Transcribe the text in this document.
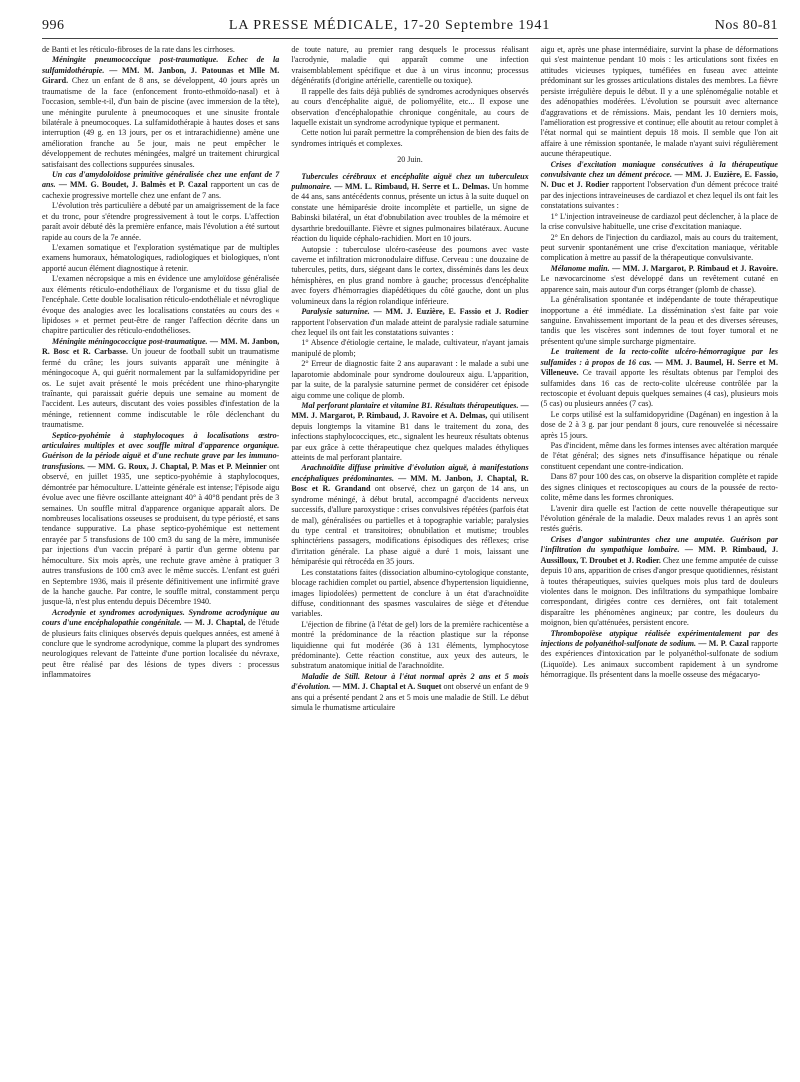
996	LA PRESSE MÉDICALE, 17-20 Septembre 1941	Nos 80-81

de Banti et les réticulo-fibroses de la rate dans les cirrhoses.

Méningite pneumococcique post-traumatique. Echec de la sulfamidothérapie. — MM. M. Janbon, J. Patounas et Mlle M. Girard. Chez un enfant de 8 ans, se développent, 40 jours après un traumatisme de la face (enfoncement fronto-ethmoïdo-nasal) et à l'occasion, semble-t-il, d'un bain de piscine (avec immersion de la tête), une méningite purulente à pneumocoques et une sinusite frontale bilatérale à pneumocoques. La sulfamidothérapie à hautes doses et sans interruption (49 g. en 13 jours, per os et intrarachidienne) amène une amélioration franche au 5e jour, mais ne peut empêcher le développement de rechutes méningées, malgré un traitement chirurgical satisfaisant des collections suppurées sinusales.

Un cas d'amydoloïdose primitive généralisée chez une enfant de 7 ans. — MM. G. Boudet, J. Balmès et P. Cazal rapportent un cas de cachexie progressive mortelle chez une enfant de 7 ans.

L'évolution très particulière a débuté par un amaigrissement de la face et du tronc, pour s'étendre progressivement à tout le corps. L'affection paraît avoir débuté dès la première enfance, mais l'évolution a été surtout rapide au cours de la 7e année.

L'examen somatique et l'exploration systématique par de multiples examens humoraux, hématologiques, radiologiques et biologiques, n'ont apporté aucun élément diagnostique à retenir.

L'examen nécropsique a mis en évidence une amyloïdose généralisée aux éléments réticulo-endothéliaux de l'organisme et du tissu glial de l'encéphale. Cette double localisation réticulo-endothéliale et névroglique évoque des analogies avec les localisations constatées au cours des « lipidoses » et permet peut-être de ranger l'affection décrite dans un chapitre particulier des réticulo-endothélioses.

Méningite méningococcique post-traumatique. — MM. M. Janbon, R. Bosc et R. Carbasse. Un joueur de football subit un traumatisme fermé du crâne; les jours suivants apparaît une méningite à méningocoque A, qui guérit normalement par la sulfamidopyridine per os. Le sujet avait présenté le mois précédent une rhino-pharyngite traînante, qui paraissait guérie depuis une semaine au moment de l'accident. Les auteurs, discutant des voies possibles d'infestation de la méninge, retiennent comme indiscutable le rôle déclenchant du traumatisme.

Septico-pyohémie à staphylocoques à localisations œstro-articulaires multiples et avec souffle mitral d'apparence organique. Guérison de la période aiguë et d'une rechute grave par les immuno-transfusions. — MM. G. Roux, J. Chaptal, P. Mas et P. Meinnier ont observé, en juillet 1935, une septico-pyohémie à staphylocoques, démontrée par hémoculture. L'atteinte générale est intense; l'épisode aigu évolue avec une fièvre oscillante atteignant 40° à 40°8 pendant près de 3 semaines. Un souffle mitral d'apparence organique apparaît alors. De nombreuses localisations osseuses se produisent, du type périosté, et sans tendance suppurative. La phase septico-pyohémique est nettement enrayée par 5 transfusions de 100 cm3 du sang de la mère, immunisée par injections d'un vaccin préparé à partir d'un germe obtenu par hémoculture. Six mois après, une rechute grave amène à pratiquer 3 autres transfusions de 100 cm3 avec le même succès. L'enfant est guéri en Septembre 1936, mais il présente définitivement une infirmité grave de la hanche gauche. Par contre, le souffle mitral, constamment perçu jusque-là, n'est plus entendu depuis Décembre 1940.

Acrodynie et syndromes acrodyniques. Syndrome acrodynique au cours d'une encéphalopathie congénitale. — M. J. Chaptal, de l'étude de plusieurs faits cliniques observés depuis quelques années, est amené à conclure que le syndrome acrodynique, comme la plupart des syndromes neurologiques relevant de l'atteinte d'une portion localisée du névraxe, peut être réalisé par des lésions de types divers : processus inflammatoires

de toute nature, au premier rang desquels le processus réalisant l'acrodynie, maladie qui apparaît comme une infection vraisemblablement spécifique et due à un virus inconnu; processus dégénératifs (d'origine artérielle, carentielle ou toxique).

Il rappelle des faits déjà publiés de syndromes acrodyniques observés au cours d'encéphalite aiguë, de poliomyélite, etc... Il expose une observation d'encéphalopathie chronique congénitale, au cours de laquelle existait un syndrome acrodynique typique et permanent.

Cette notion lui paraît permettre la compréhension de bien des faits de syndromes intriqués et complexes.

20 Juin.

Tubercules cérébraux et encéphalite aiguë chez un tuberculeux pulmonaire. — MM. L. Rimbaud, H. Serre et L. Delmas. Un homme de 44 ans, sans antécédents connus, présente un ictus à la suite duquel on constate une hémiparésie droite incomplète et partielle, un signe de Babinski bilatéral, un état d'obnubilation avec troubles de la mémoire et dysarthrie bredouillante. Fièvre et signes pulmonaires bilatéraux. Aucune réaction du liquide céphalo-rachidien. Mort en 10 jours.

Autopsie : tuberculose ulcéro-caséeuse des poumons avec vaste caverne et infiltration micronodulaire diffuse. Cerveau : une douzaine de tubercules, petits, durs, siégeant dans le cortex, disséminés dans les deux hémisphères, en plus grand nombre à gauche; processus d'encéphalite avec foyers d'hémorragies diapédétiques du côté gauche, dont un plus volumineux dans la région rolandique inférieure.

Paralysie saturnine. — MM. J. Euzière, E. Fassio et J. Rodier rapportent l'observation d'un malade atteint de paralysie radiale saturnine chez lequel ils ont fait les constatations suivantes :

1° Absence d'étiologie certaine, le malade, cultivateur, n'ayant jamais manipulé de plomb;

2° Erreur de diagnostic faite 2 ans auparavant : le malade a subi une laparotomie abdominale pour syndrome douloureux aigu. L'apparition, par la suite, de la paralysie saturnine permet de considérer cet épisode aigu comme une colique de plomb.

Mal perforant plantaire et vitamine B1. Résultats thérapeutiques. — MM. J. Margarot, P. Rimbaud, J. Ravoire et A. Delmas, qui utilisent depuis longtemps la vitamine B1 dans le traitement du zona, des infections staphylococciques, etc., signalent les heureux résultats obtenus par eux grâce à cette thérapeutique chez quelques malades éthyliques atteints de mal perforant plantaire.

Arachnoïdite diffuse primitive d'évolution aiguë, à manifestations encéphaliques prédominantes. — MM. M. Janbon, J. Chaptal, R. Bosc et R. Grandand ont observé, chez un garçon de 14 ans, un syndrome méningé, à début brutal, accompagné d'accidents nerveux successifs, d'allure paroxystique : crises convulsives répétées (parfois état de mal), généralisées ou partielles et à topographie variable; paralysies du type central et transitoires; obnubilation et mutisme; troubles sphinctériens passagers, modifications épisodiques des réflexes; crise d'irritation générale. La phase aiguë a duré 1 mois, laissant une hémiparésie qui rétrocéda en 35 jours.

Les constatations faites (dissociation albumino-cytologique constante, blocage rachidien complet ou partiel, absence d'hypertension liquidienne, images lipiodolées) permettent de conclure à un état d'arachnoïdite diffuse, conditionnant des spasmes vasculaires de siège et d'étendue variables.

L'éjection de fibrine (à l'état de gel) lors de la première rachicentèse a montré la prédominance de la réaction plastique sur la réponse liquidienne qui fut modérée (36 à 131 éléments, lymphocytose prédominante). Cette réaction constitue, aux yeux des auteurs, le substratum anatomique initial de l'arachnoïdite.

Maladie de Still. Retour à l'état normal après 2 ans et 5 mois d'évolution. — MM. J. Chaptal et A. Suquet ont observé un enfant de 9 ans qui a présenté pendant 2 ans et 5 mois une maladie de Still. Le début simula le rhumatisme articulaire

aigu et, après une phase intermédiaire, survint la phase de déformations qui s'est maintenue pendant 10 mois : les articulations sont fixées en attitudes vicieuses typiques, tuméfiées en fuseau avec atteinte prédominant sur les grosses articulations distales des membres. La fièvre persiste irrégulière depuis le début. Il y a une splénomégalie notable et des adénopathies modérées. L'évolution se poursuit avec alternance d'aggravations et de rémissions. Mais, pendant les 10 derniers mois, l'amélioration est progressive et continue; elle aboutit au retour complet à l'état normal qui se maintient depuis 18 mois. Il semble que l'on ait affaire à une rémission spontanée, le malade n'ayant suivi régulièrement aucune thérapeutique.

Crises d'excitation maniaque consécutives à la thérapeutique convulsivante chez un dément précoce. — MM. J. Euzière, E. Fassio, N. Duc et J. Rodier rapportent l'observation d'un dément précoce traité par des injections intraveineuses de cardiazol et chez lequel ils ont fait les constatations suivantes :

1° L'injection intraveineuse de cardiazol peut déclencher, à la place de la crise convulsive habituelle, une crise d'excitation maniaque.

2° En dehors de l'injection du cardiazol, mais au cours du traitement, peut survenir spontanément une crise d'excitation maniaque, véritable complication à mettre au passif de la thérapeutique convulsivante.

Mélanome malin. — MM. J. Margarot, P. Rimbaud et J. Ravoire. Le nævocarcinome s'est développé dans un revêtement cutané en apparence sain, mais autour d'un corps étranger (plomb de chasse).

La généralisation spontanée et indépendante de toute thérapeutique inopportune a été immédiate. La dissémination s'est faite par voie sanguine. Envahissement important de la peau et des diverses séreuses, tandis que les viscères sont indemnes de tout foyer tumoral et ne présentent qu'une simple surcharge pigmentaire.

Le traitement de la recto-colite ulcéro-hémorragique par les sulfamides : à propos de 16 cas. — MM. J. Baumel, H. Serre et M. Villeneuve. Ce travail apporte les résultats obtenus par l'emploi des sulfamides dans 16 cas de recto-colite ulcéreuse contrôlée par la rectoscopie et évoluant depuis quelques semaines (4 cas), plusieurs mois (5 cas) ou plusieurs années (7 cas).

Le corps utilisé est la sulfamidopyridine (Dagénan) en ingestion à la dose de 2 à 3 g. par jour pendant 8 jours, cure renouvelée si nécessaire après 15 jours.

Pas d'incident, même dans les formes intenses avec altération marquée de l'état général; des signes nets d'insuffisance hépatique ou rénale constituent cependant une contre-indication.

Dans 87 pour 100 des cas, on observe la disparition complète et rapide des signes cliniques et rectoscopiques au cours de la poussée de recto-colite, même dans les formes chroniques.

L'avenir dira quelle est l'action de cette nouvelle thérapeutique sur l'évolution générale de la maladie. Deux malades revus 1 an après sont restés guéris.

Crises d'angor subintrantes chez une amputée. Guérison par l'infiltration du sympathique lombaire. — MM. P. Rimbaud, J. Aussilloux, T. Droubet et J. Rodier. Chez une femme amputée de cuisse depuis 10 ans, apparition de crises d'angor presque quotidiennes, résistant à toutes thérapeutiques, suivies quelques mois plus tard de douleurs violentes dans le moignon. Des infiltrations du sympathique lombaire correspondant, dirigées contre ces dernières, ont fait totalement disparaître les phénomènes angineux; par contre, les douleurs du moignon, bien qu'atténuées, persistent encore.

Thrombopoïèse atypique réalisée expérimentalement par des injections de polyanéthol-sulfonate de sodium. — M. P. Cazal rapporte des expériences d'intoxication par le polyanéthol-sulfonate de sodium (Liquoïde). Les animaux succombent rapidement à un syndrome hémorragique. Ils présentent dans la moelle osseuse des mégacaryo-
